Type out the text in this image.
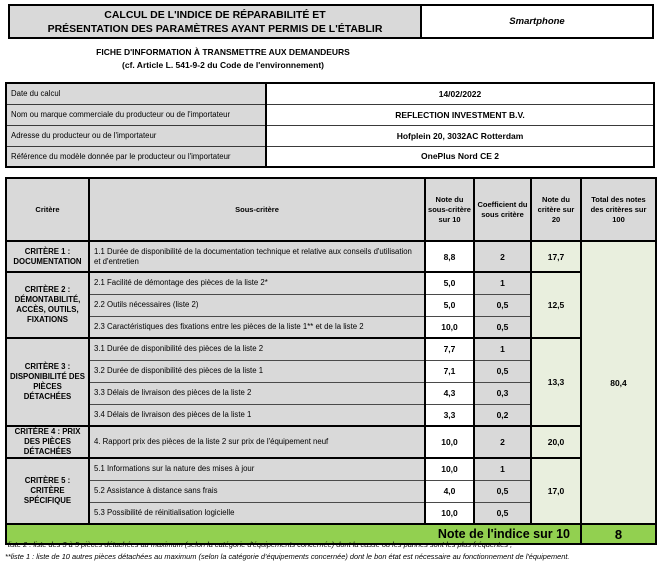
CALCUL DE L'INDICE DE RÉPARABILITÉ ET
PRÉSENTATION DES PARAMÈTRES AYANT PERMIS DE L'ÉTABLIR
Smartphone
FICHE D'INFORMATION À TRANSMETTRE AUX DEMANDEURS
(cf. Article L. 541-9-2 du Code de l'environnement)
Date du calcul	14/02/2022
Nom ou marque commerciale du producteur ou de l'importateur	REFLECTION INVESTMENT B.V.
Adresse du producteur ou de l'importateur	Hofplein 20, 3032AC Rotterdam
Référence du modèle donnée par le producteur ou l'importateur	OnePlus Nord CE 2
Critère	Sous-critère	Note du sous-critère sur 10	Coefficient du sous critère	Note du critère sur 20	Total des notes des critères sur 100
CRITÈRE 1 : DOCUMENTATION	1.1 Durée de disponibilité de la documentation technique et relative aux conseils d'utilisation et d'entretien	8,8	2	17,7	80,4
CRITÈRE 2 : DÉMONTABILITÉ, ACCÈS, OUTILS, FIXATIONS	2.1 Facilité de démontage des pièces de la liste 2*	5,0	1	12,5	
	2.2 Outils nécessaires (liste 2)	5,0	0,5		
	2.3 Caractéristiques des fixations entre les pièces de la liste 1** et de la liste 2	10,0	0,5		
CRITÈRE 3 : DISPONIBILITÉ DES PIÈCES DÉTACHÉES	3.1 Durée de disponibilité des pièces de la liste 2	7,7	1	13,3	
	3.2 Durée de disponibilité des pièces de la liste 1	7,1	0,5		
	3.3 Délais de livraison des pièces de la liste 2	4,3	0,3		
	3.4 Délais de livraison des pièces de la liste 1	3,3	0,2		
CRITÈRE 4 : PRIX DES PIÈCES DÉTACHÉES	4. Rapport prix des pièces de la liste 2 sur prix de l'équipement neuf	10,0	2	20,0	
CRITÈRE 5 : CRITÈRE SPÉCIFIQUE	5.1 Informations sur la nature des mises à jour	10,0	1	17,0	
	5.2 Assistance à distance sans frais	4,0	0,5		
	5.3 Possibilité de réinitialisation logicielle	10,0	0,5		
Note de l'indice sur 10					8
*liste 2 : liste des 3 à 5 pièces détachées au maximum (selon la catégorie d'équipements concernée) dont la casse ou les pannes sont les plus fréquentes ;
**liste 1 : liste de 10 autres pièces détachées au maximum (selon la catégorie d'équipements concernée) dont le bon état est nécessaire au fonctionnement de l'équipement.
